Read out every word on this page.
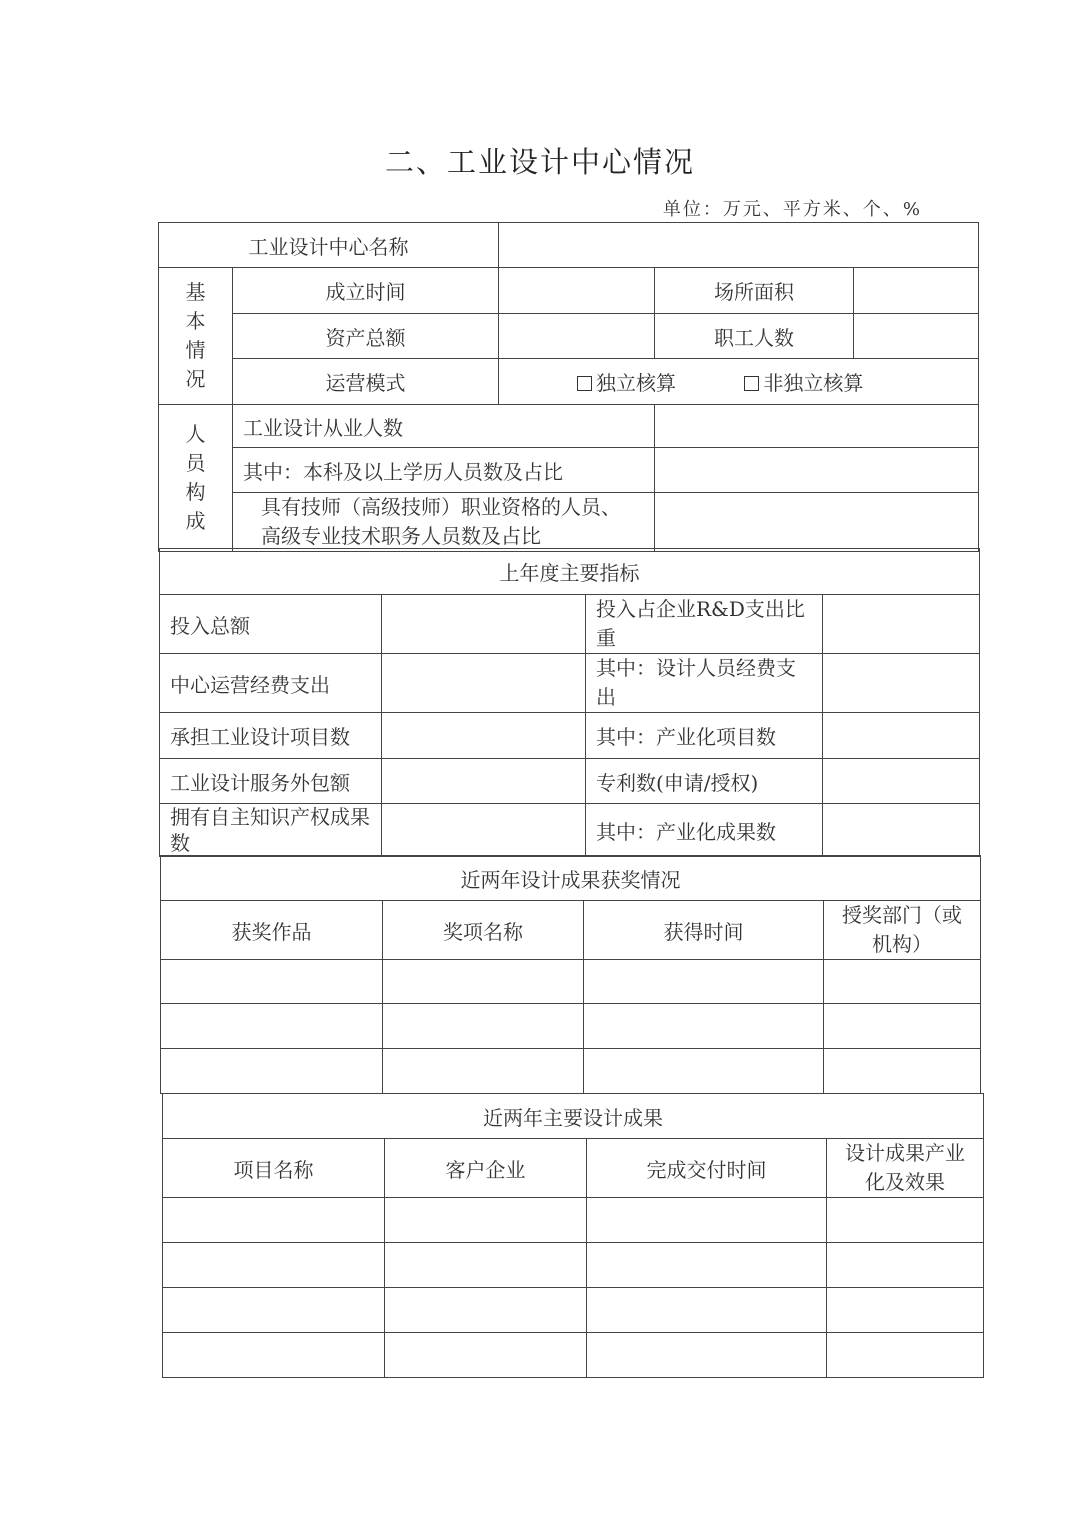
二、工业设计中心情况
单位：万元、平方米、个、%
工业设计中心名称				
基本情况	成立时间		场所面积	
	资产总额		职工人数	
	运营模式	独立核算 非独立核算		
人员构成	工业设计从业人数			
	其中：本科及以上学历人员数及占比			

	具有技师（高级技师）职业资格的人员、
高级专业技术职务人员数及占比			

上年度主要指标			
投入总额		投入占企业R&D支出比重	
中心运营经费支出		其中：设计人员经费支出	
承担工业设计项目数		其中：产业化项目数	
工业设计服务外包额		专利数(申请/授权)	
拥有自主知识产权成果数		其中：产业化成果数	
近两年设计成果获奖情况			
获奖作品	奖项名称	获得时间	授奖部门（或机构）

近两年主要设计成果			
项目名称	客户企业	完成交付时间	设计成果产业化及效果
